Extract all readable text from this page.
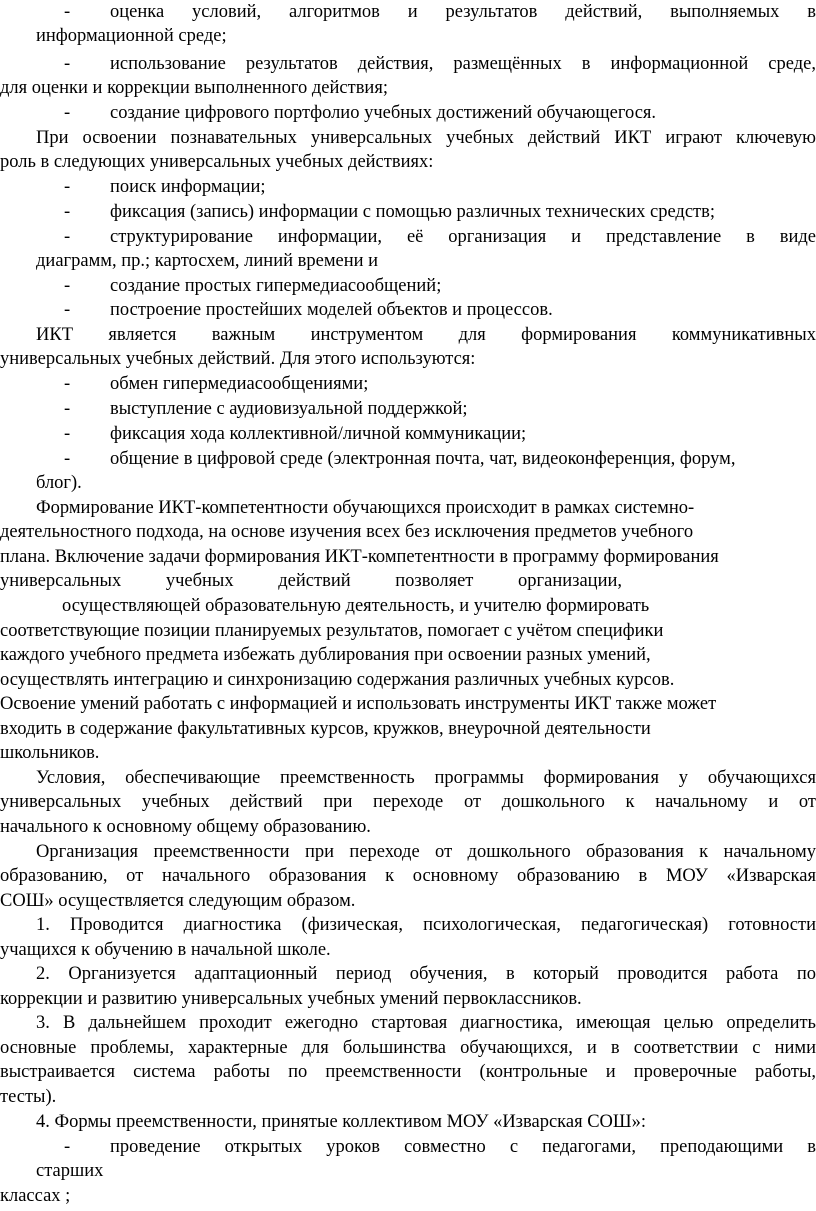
-	оценка условий, алгоритмов и результатов действий, выполняемых в
информационной среде;
-	использование результатов действия, размещённых в информационной среде,
для оценки и коррекции выполненного действия;
-	создание цифрового портфолио учебных достижений обучающегося.
При освоении познавательных универсальных учебных действий ИКТ играют ключевую
роль в следующих универсальных учебных действиях:
-	поиск информации;
-	фиксация (запись) информации с помощью различных технических средств;
-	структурирование информации, её организация и представление в виде
диаграмм, пр.; картосхем, линий времени и
-	создание простых гипермедиасообщений;
-	построение простейших моделей объектов и процессов.
ИКТ является важным инструментом для формирования коммуникативных
универсальных учебных действий. Для этого используются:
-	обмен гипермедиасообщениями;
-	выступление с аудиовизуальной поддержкой;
-	фиксация хода коллективной/личной коммуникации;
-	общение в цифровой среде (электронная почта, чат, видеоконференция, форум,
блог).
Формирование ИКТ-компетентности обучающихся происходит в рамках системно-
деятельностного подхода, на основе изучения всех без исключения предметов учебного
плана. Включение задачи формирования ИКТ-компетентности в программу формирования
универсальных учебных действий позволяет организации,
осуществляющей образовательную деятельность, и учителю формировать
соответствующие позиции планируемых результатов, помогает с учётом специфики
каждого учебного предмета избежать дублирования при освоении разных умений,
осуществлять интеграцию и синхронизацию содержания различных учебных курсов.
Освоение умений работать с информацией и использовать инструменты ИКТ также может
входить в содержание факультативных курсов, кружков, внеурочной деятельности
школьников.
Условия, обеспечивающие преемственность программы формирования у обучающихся
универсальных учебных действий при переходе от дошкольного к начальному и от
начального к основному общему образованию.
Организация преемственности при переходе от дошкольного образования к начальному
образованию, от начального образования к основному образованию в МОУ «Изварская
СОШ» осуществляется следующим образом.
1. Проводится диагностика (физическая, психологическая, педагогическая) готовности
учащихся к обучению в начальной школе.
2. Организуется адаптационный период обучения, в который проводится работа по
коррекции и развитию универсальных учебных умений первоклассников.
3. В дальнейшем проходит ежегодно стартовая диагностика, имеющая целью определить
основные проблемы, характерные для большинства обучающихся, и в соответствии с ними
выстраивается система работы по преемственности (контрольные и проверочные работы,
тесты).
4. Формы преемственности, принятые коллективом МОУ «Изварская СОШ»:
-	проведение открытых уроков совместно с педагогами, преподающими в
старших
классах ;
